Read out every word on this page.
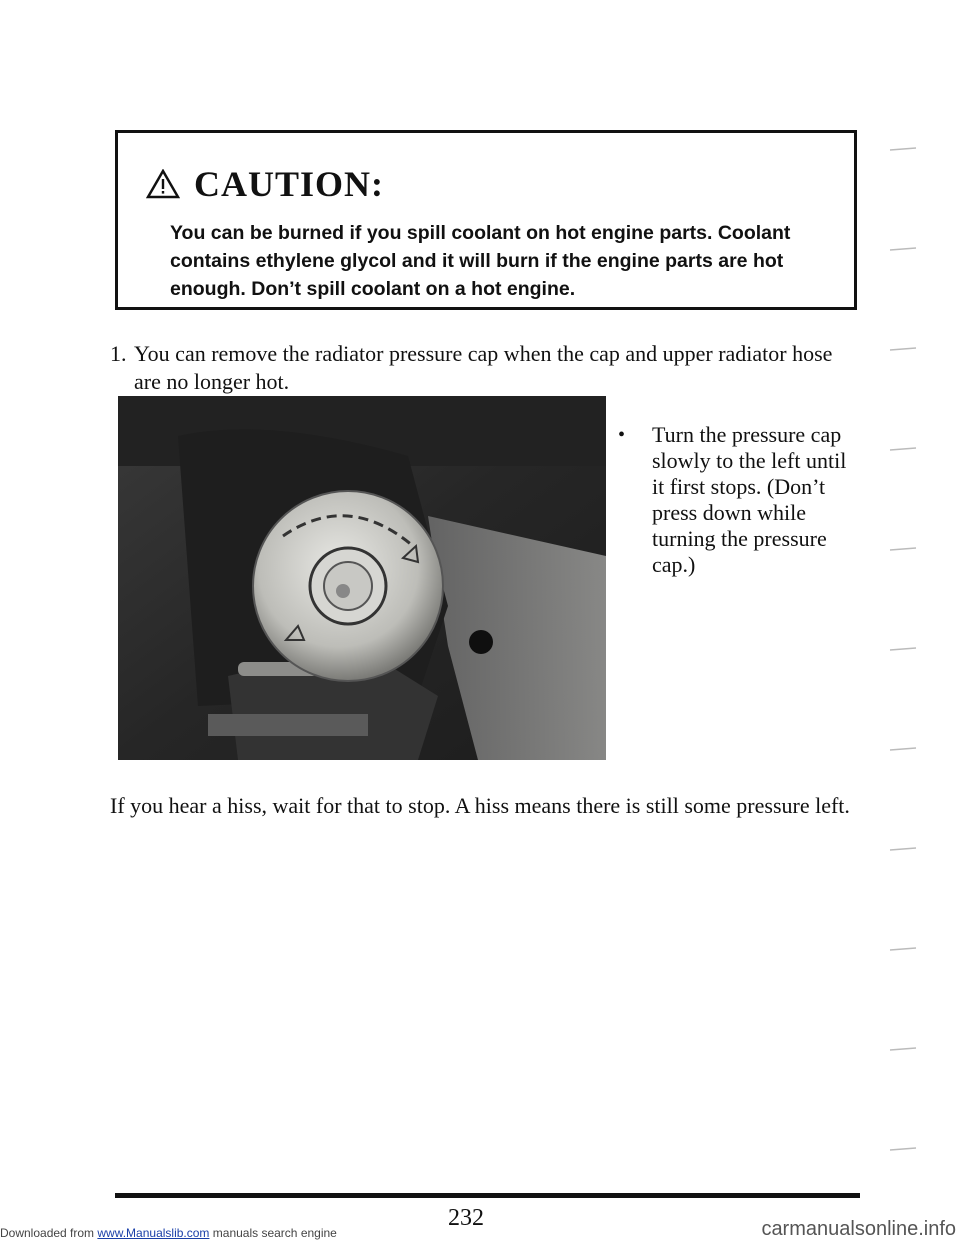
CAUTION:
You can be burned if you spill coolant on hot engine parts. Coolant contains ethylene glycol and it will burn if the engine parts are hot enough. Don’t spill coolant on a hot engine.
1. You can remove the radiator pressure cap when the cap and upper radiator hose are no longer hot.
• Turn the pressure cap slowly to the left until it first stops. (Don’t press down while turning the pressure cap.)
If you hear a hiss, wait for that to stop. A hiss means there is still some pressure left.
232
Downloaded from www.Manualslib.com manuals search engine	carmanualsonline.info
